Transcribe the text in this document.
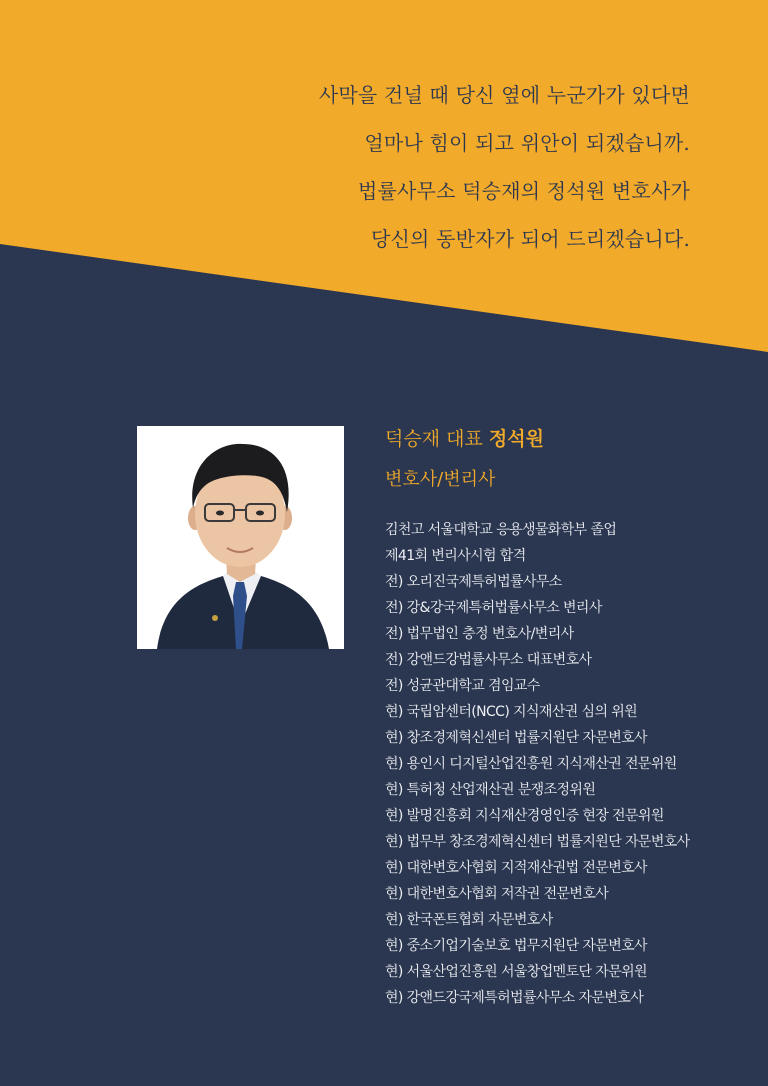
사막을 건널 때 당신 옆에 누군가가 있다면
얼마나 힘이 되고 위안이 되겠습니까.
법률사무소 덕승재의 정석원 변호사가
당신의 동반자가 되어 드리겠습니다.
덕승재 대표 정석원
변호사/변리사
김천고 서울대학교 응용생물화학부 졸업
제41회 변리사시험 합격
전) 오리진국제특허법률사무소
전) 강&강국제특허법률사무소 변리사
전) 법무법인 충정 변호사/변리사
전) 강앤드강법률사무소 대표변호사
전) 성균관대학교 겸임교수
현) 국립암센터(NCC) 지식재산권 심의 위원
현) 창조경제혁신센터 법률지원단 자문변호사
현) 용인시 디지털산업진흥원 지식재산권 전문위원
현) 특허청 산업재산권 분쟁조정위원
현) 발명진흥회 지식재산경영인증 현장 전문위원
현) 법무부 창조경제혁신센터 법률지원단 자문변호사
현) 대한변호사협회 지적재산권법 전문변호사
현) 대한변호사협회 저작권 전문변호사
현) 한국폰트협회 자문변호사
현) 중소기업기술보호 법무지원단 자문변호사
현) 서울산업진흥원 서울창업멘토단 자문위원
현) 강앤드강국제특허법률사무소 자문변호사
